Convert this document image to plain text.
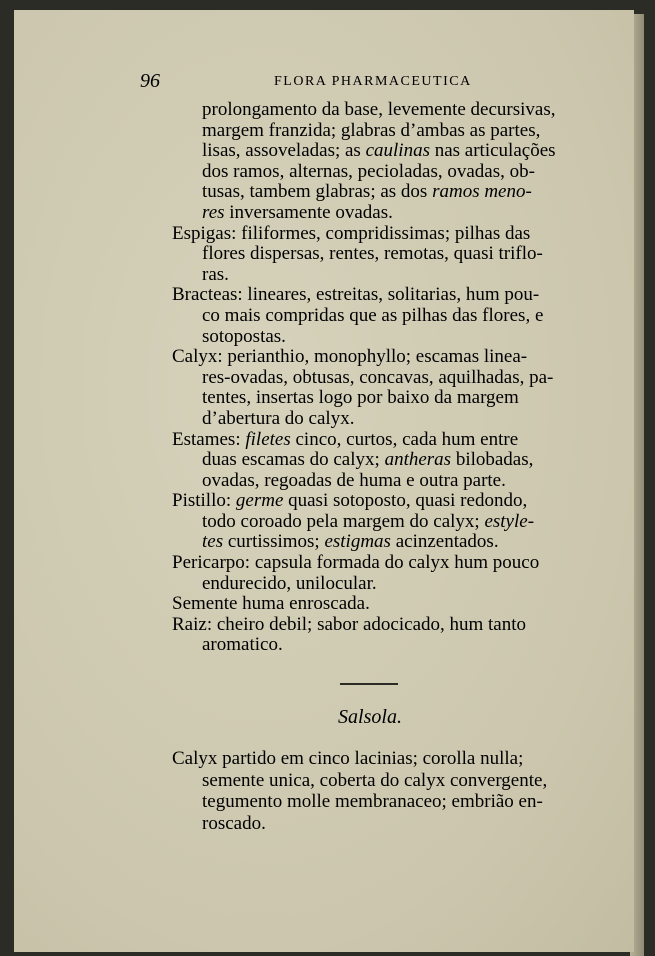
96	FLORA PHARMACEUTICA
prolongamento da base, levemente decursivas,
margem franzida; glabras d’ambas as partes,
lisas, assoveladas; as caulinas nas articulações
dos ramos, alternas, pecioladas, ovadas, ob-
tusas, tambem glabras; as dos ramos meno-
res inversamente ovadas.
Espigas: filiformes, compridissimas; pilhas das
flores dispersas, rentes, remotas, quasi triflo-
ras.
Bracteas: lineares, estreitas, solitarias, hum pou-
co mais compridas que as pilhas das flores, e
sotopostas.
Calyx: perianthio, monophyllo; escamas linea-
res-ovadas, obtusas, concavas, aquilhadas, pa-
tentes, insertas logo por baixo da margem
d’abertura do calyx.
Estames: filetes cinco, curtos, cada hum entre
duas escamas do calyx; antheras bilobadas,
ovadas, regoadas de huma e outra parte.
Pistillo: germe quasi sotoposto, quasi redondo,
todo coroado pela margem do calyx; estyle-
tes curtissimos; estigmas acinzentados.
Pericarpo: capsula formada do calyx hum pouco
endurecido, unilocular.
Semente huma enroscada.
Raiz: cheiro debil; sabor adocicado, hum tanto
aromatico.
Salsola.
Calyx partido em cinco lacinias; corolla nulla;
semente unica, coberta do calyx convergente,
tegumento molle membranaceo; embrião en-
roscado.
